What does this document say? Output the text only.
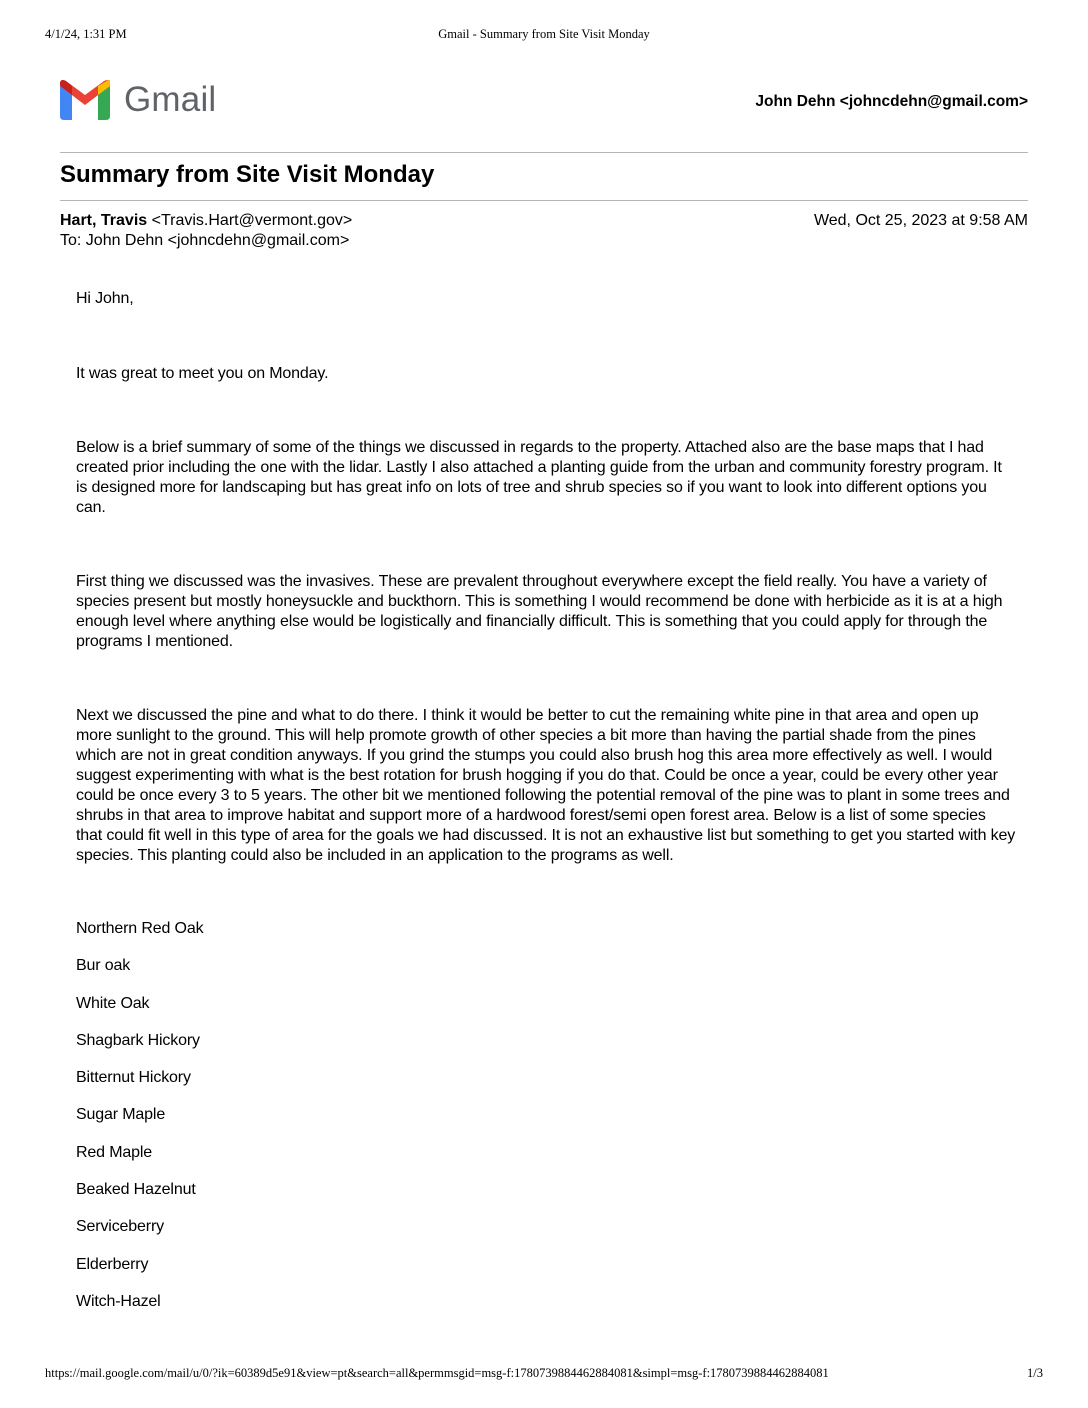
4/1/24, 1:31 PM	Gmail - Summary from Site Visit Monday
Gmail	John Dehn <johncdehn@gmail.com>
Summary from Site Visit Monday
Hart, Travis <Travis.Hart@vermont.gov>
To: John Dehn <johncdehn@gmail.com>
Wed, Oct 25, 2023 at 9:58 AM

Hi John,

It was great to meet you on Monday.

Below is a brief summary of some of the things we discussed in regards to the property. Attached also are the base maps that I had created prior including the one with the lidar. Lastly I also attached a planting guide from the urban and community forestry program. It is designed more for landscaping but has great info on lots of tree and shrub species so if you want to look into different options you can.

First thing we discussed was the invasives. These are prevalent throughout everywhere except the field really. You have a variety of species present but mostly honeysuckle and buckthorn. This is something I would recommend be done with herbicide as it is at a high enough level where anything else would be logistically and financially difficult. This is something that you could apply for through the programs I mentioned.

Next we discussed the pine and what to do there. I think it would be better to cut the remaining white pine in that area and open up more sunlight to the ground. This will help promote growth of other species a bit more than having the partial shade from the pines which are not in great condition anyways. If you grind the stumps you could also brush hog this area more effectively as well. I would suggest experimenting with what is the best rotation for brush hogging if you do that. Could be once a year, could be every other year could be once every 3 to 5 years. The other bit we mentioned following the potential removal of the pine was to plant in some trees and shrubs in that area to improve habitat and support more of a hardwood forest/semi open forest area. Below is a list of some species that could fit well in this type of area for the goals we had discussed. It is not an exhaustive list but something to get you started with key species. This planting could also be included in an application to the programs as well.

Northern Red Oak
Bur oak
White Oak
Shagbark Hickory
Bitternut Hickory
Sugar Maple
Red Maple
Beaked Hazelnut
Serviceberry
Elderberry
Witch-Hazel
https://mail.google.com/mail/u/0/?ik=60389d5e91&view=pt&search=all&permmsgid=msg-f:1780739884462884081&simpl=msg-f:1780739884462884081	1/3
